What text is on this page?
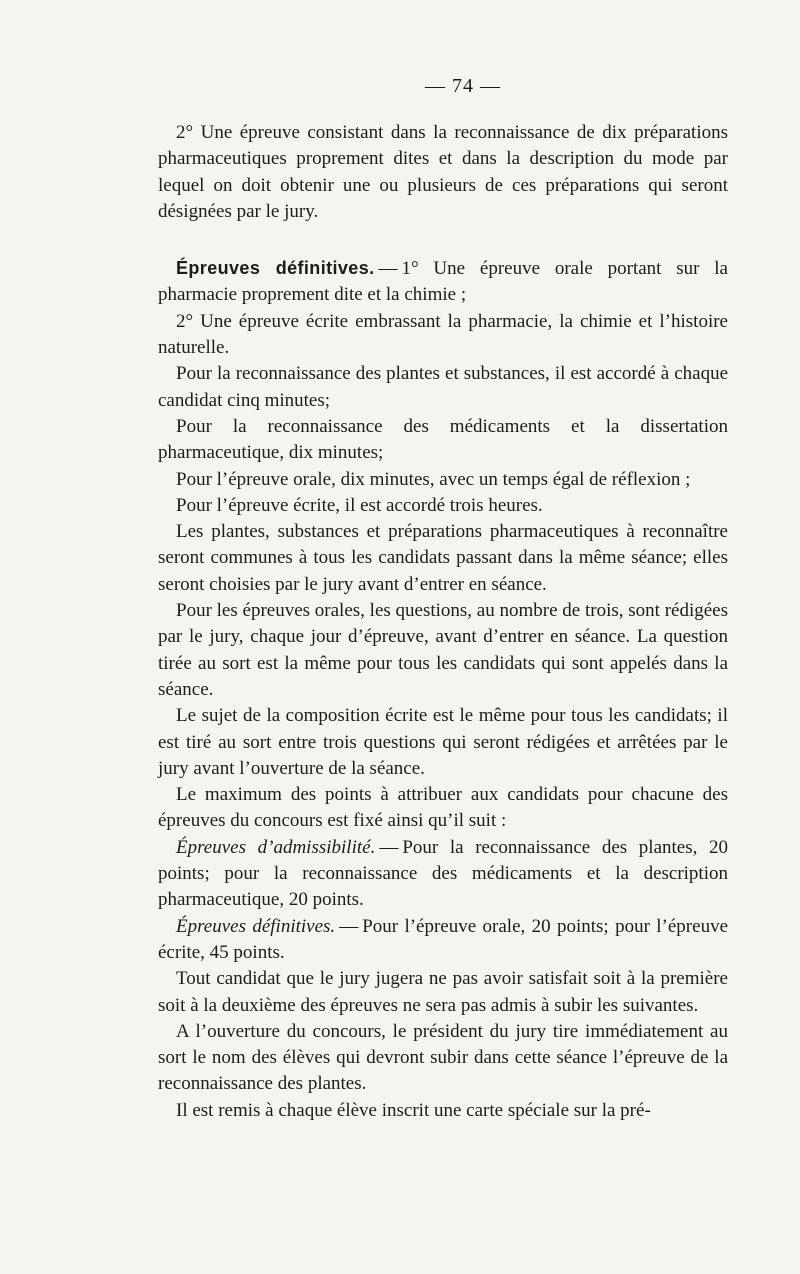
— 74 —

2° Une épreuve consistant dans la reconnaissance de dix préparations pharmaceutiques proprement dites et dans la description du mode par lequel on doit obtenir une ou plusieurs de ces préparations qui seront désignées par le jury.

Épreuves définitives. — 1° Une épreuve orale portant sur la pharmacie proprement dite et la chimie ;

2° Une épreuve écrite embrassant la pharmacie, la chimie et l’histoire naturelle.

Pour la reconnaissance des plantes et substances, il est accordé à chaque candidat cinq minutes;

Pour la reconnaissance des médicaments et la dissertation pharmaceutique, dix minutes;

Pour l’épreuve orale, dix minutes, avec un temps égal de réflexion ;

Pour l’épreuve écrite, il est accordé trois heures.

Les plantes, substances et préparations pharmaceutiques à reconnaître seront communes à tous les candidats passant dans la même séance; elles seront choisies par le jury avant d’entrer en séance.

Pour les épreuves orales, les questions, au nombre de trois, sont rédigées par le jury, chaque jour d’épreuve, avant d’entrer en séance. La question tirée au sort est la même pour tous les candidats qui sont appelés dans la séance.

Le sujet de la composition écrite est le même pour tous les candidats; il est tiré au sort entre trois questions qui seront rédigées et arrêtées par le jury avant l’ouverture de la séance.

Le maximum des points à attribuer aux candidats pour chacune des épreuves du concours est fixé ainsi qu’il suit :

Épreuves d’admissibilité. — Pour la reconnaissance des plantes, 20 points; pour la reconnaissance des médicaments et la description pharmaceutique, 20 points.

Épreuves définitives. — Pour l’épreuve orale, 20 points; pour l’épreuve écrite, 45 points.

Tout candidat que le jury jugera ne pas avoir satisfait soit à la première soit à la deuxième des épreuves ne sera pas admis à subir les suivantes.

A l’ouverture du concours, le président du jury tire immédiatement au sort le nom des élèves qui devront subir dans cette séance l’épreuve de la reconnaissance des plantes.

Il est remis à chaque élève inscrit une carte spéciale sur la pré-
